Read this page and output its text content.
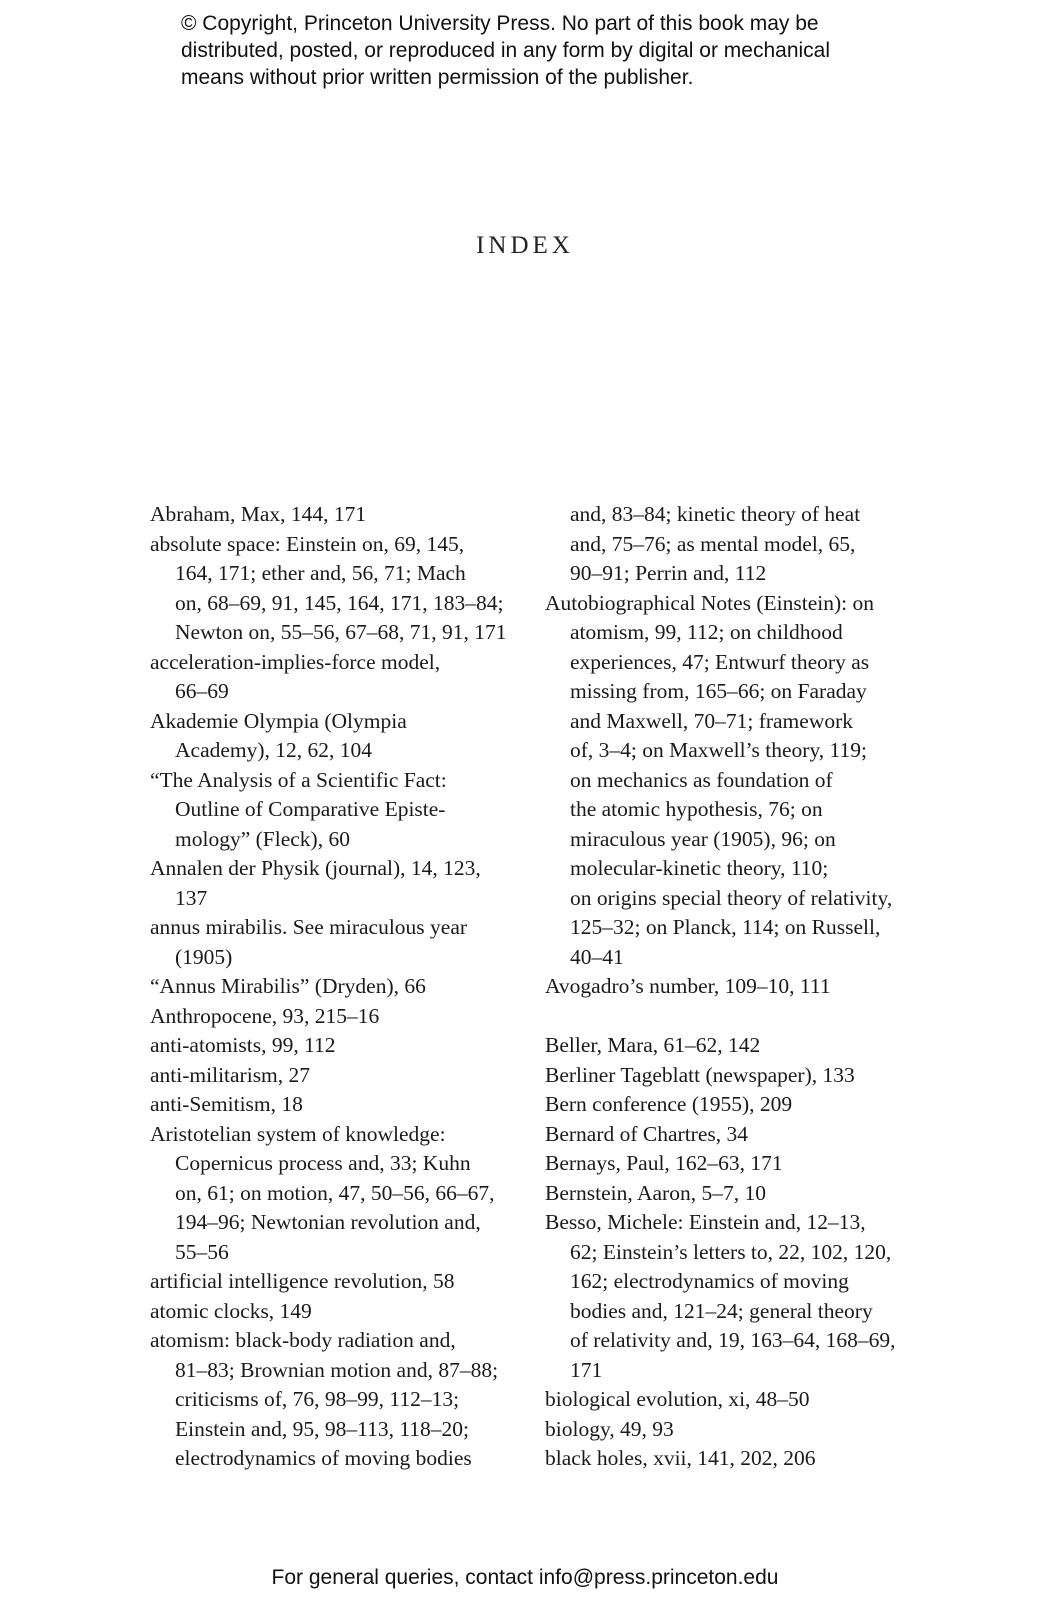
© Copyright, Princeton University Press. No part of this book may be
distributed, posted, or reproduced in any form by digital or mechanical
means without prior written permission of the publisher.
INDEX
Abraham, Max, 144, 171
absolute space: Einstein on, 69, 145,
164, 171; ether and, 56, 71; Mach
on, 68–69, 91, 145, 164, 171, 183–84;
Newton on, 55–56, 67–68, 71, 91, 171
acceleration-implies-force model,
66–69
Akademie Olympia (Olympia
Academy), 12, 62, 104
“The Analysis of a Scientific Fact:
Outline of Comparative Episte-
mology” (Fleck), 60
Annalen der Physik (journal), 14, 123,
137
annus mirabilis. See miraculous year
(1905)
“Annus Mirabilis” (Dryden), 66
Anthropocene, 93, 215–16
anti-atomists, 99, 112
anti-militarism, 27
anti-Semitism, 18
Aristotelian system of knowledge:
Copernicus process and, 33; Kuhn
on, 61; on motion, 47, 50–56, 66–67,
194–96; Newtonian revolution and,
55–56
artificial intelligence revolution, 58
atomic clocks, 149
atomism: black-body radiation and,
81–83; Brownian motion and, 87–88;
criticisms of, 76, 98–99, 112–13;
Einstein and, 95, 98–113, 118–20;
electrodynamics of moving bodies
and, 83–84; kinetic theory of heat
and, 75–76; as mental model, 65,
90–91; Perrin and, 112
Autobiographical Notes (Einstein): on
atomism, 99, 112; on childhood
experiences, 47; Entwurf theory as
missing from, 165–66; on Faraday
and Maxwell, 70–71; framework
of, 3–4; on Maxwell’s theory, 119;
on mechanics as foundation of
the atomic hypothesis, 76; on
miraculous year (1905), 96; on
molecular-kinetic theory, 110;
on origins special theory of relativity,
125–32; on Planck, 114; on Russell,
40–41
Avogadro’s number, 109–10, 111
Beller, Mara, 61–62, 142
Berliner Tageblatt (newspaper), 133
Bern conference (1955), 209
Bernard of Chartres, 34
Bernays, Paul, 162–63, 171
Bernstein, Aaron, 5–7, 10
Besso, Michele: Einstein and, 12–13,
62; Einstein’s letters to, 22, 102, 120,
162; electrodynamics of moving
bodies and, 121–24; general theory
of relativity and, 19, 163–64, 168–69,
171
biological evolution, xi, 48–50
biology, 49, 93
black holes, xvii, 141, 202, 206
For general queries, contact info@press.princeton.edu
